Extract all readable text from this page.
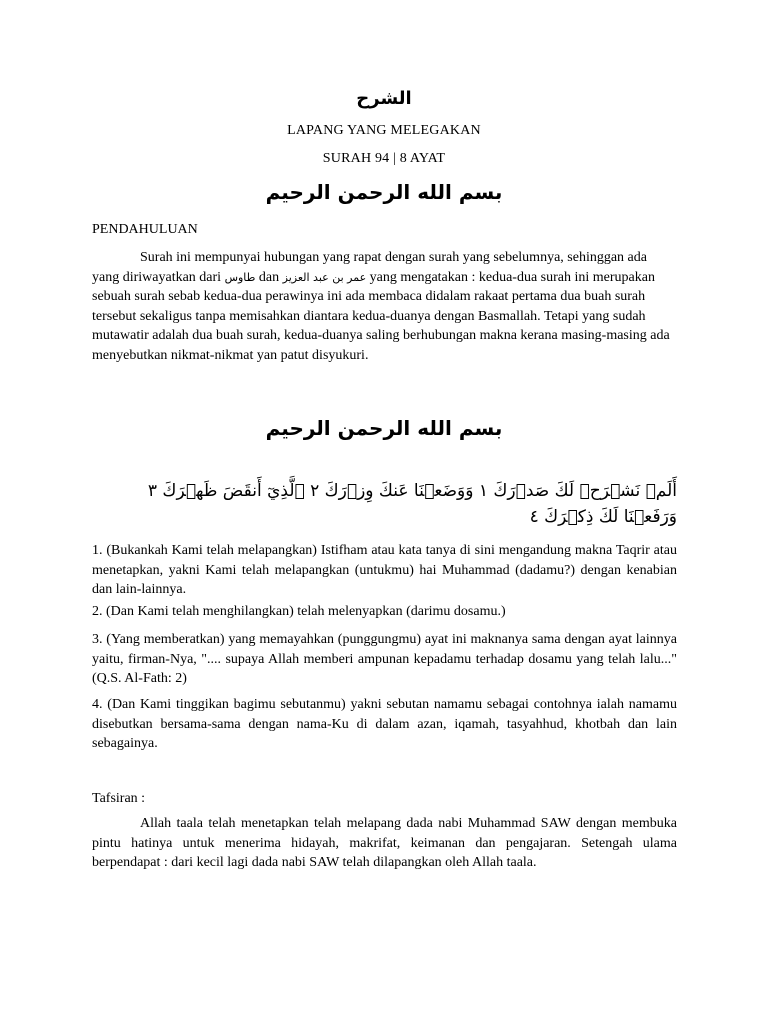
الشرح
LAPANG YANG MELEGAKAN
SURAH 94 | 8 AYAT
بسم الله الرحمن الرحيم
PENDAHULUAN
Surah ini mempunyai hubungan yang rapat dengan surah yang sebelumnya, sehinggan ada yang diriwayatkan dari طاوس dan عمر بن عبد العزيز yang mengatakan : kedua-dua surah ini merupakan sebuah surah sebab kedua-dua perawinya ini ada membaca didalam rakaat pertama dua buah surah tersebut sekaligus tanpa memisahkan diantara kedua-duanya dengan Basmallah. Tetapi yang sudah mutawatir adalah dua buah surah, kedua-duanya saling berhubungan makna kerana masing-masing ada menyebutkan nikmat-nikmat yan patut disyukuri.
بسم الله الرحمن الرحيم
أَلَمۡ نَشۡرَحۡ لَكَ صَدۡرَكَ ١ وَوَضَعۡنَا عَنكَ وِزۡرَكَ ٢ ٱلَّذِيٓ أَنقَضَ ظَهۡرَكَ ٣ وَرَفَعۡنَا لَكَ ذِكۡرَكَ ٤
1. (Bukankah Kami telah melapangkan) Istifham atau kata tanya di sini mengandung makna Taqrir atau menetapkan, yakni Kami telah melapangkan (untukmu) hai Muhammad (dadamu?) dengan kenabian dan lain-lainnya.
2. (Dan Kami telah menghilangkan) telah melenyapkan (darimu dosamu.)
3. (Yang memberatkan) yang memayahkan (punggungmu) ayat ini maknanya sama dengan ayat lainnya yaitu, firman-Nya, ".... supaya Allah memberi ampunan kepadamu terhadap dosamu yang telah lalu..." (Q.S. Al-Fath: 2)
4. (Dan Kami tinggikan bagimu sebutanmu) yakni sebutan namamu sebagai contohnya ialah namamu disebutkan bersama-sama dengan nama-Ku di dalam azan, iqamah, tasyahhud, khotbah dan lain sebagainya.
Tafsiran :
Allah taala telah menetapkan telah melapang dada nabi Muhammad SAW dengan membuka pintu hatinya untuk menerima hidayah, makrifat, keimanan dan pengajaran. Setengah ulama berpendapat : dari kecil lagi dada nabi SAW telah dilapangkan oleh Allah taala.
